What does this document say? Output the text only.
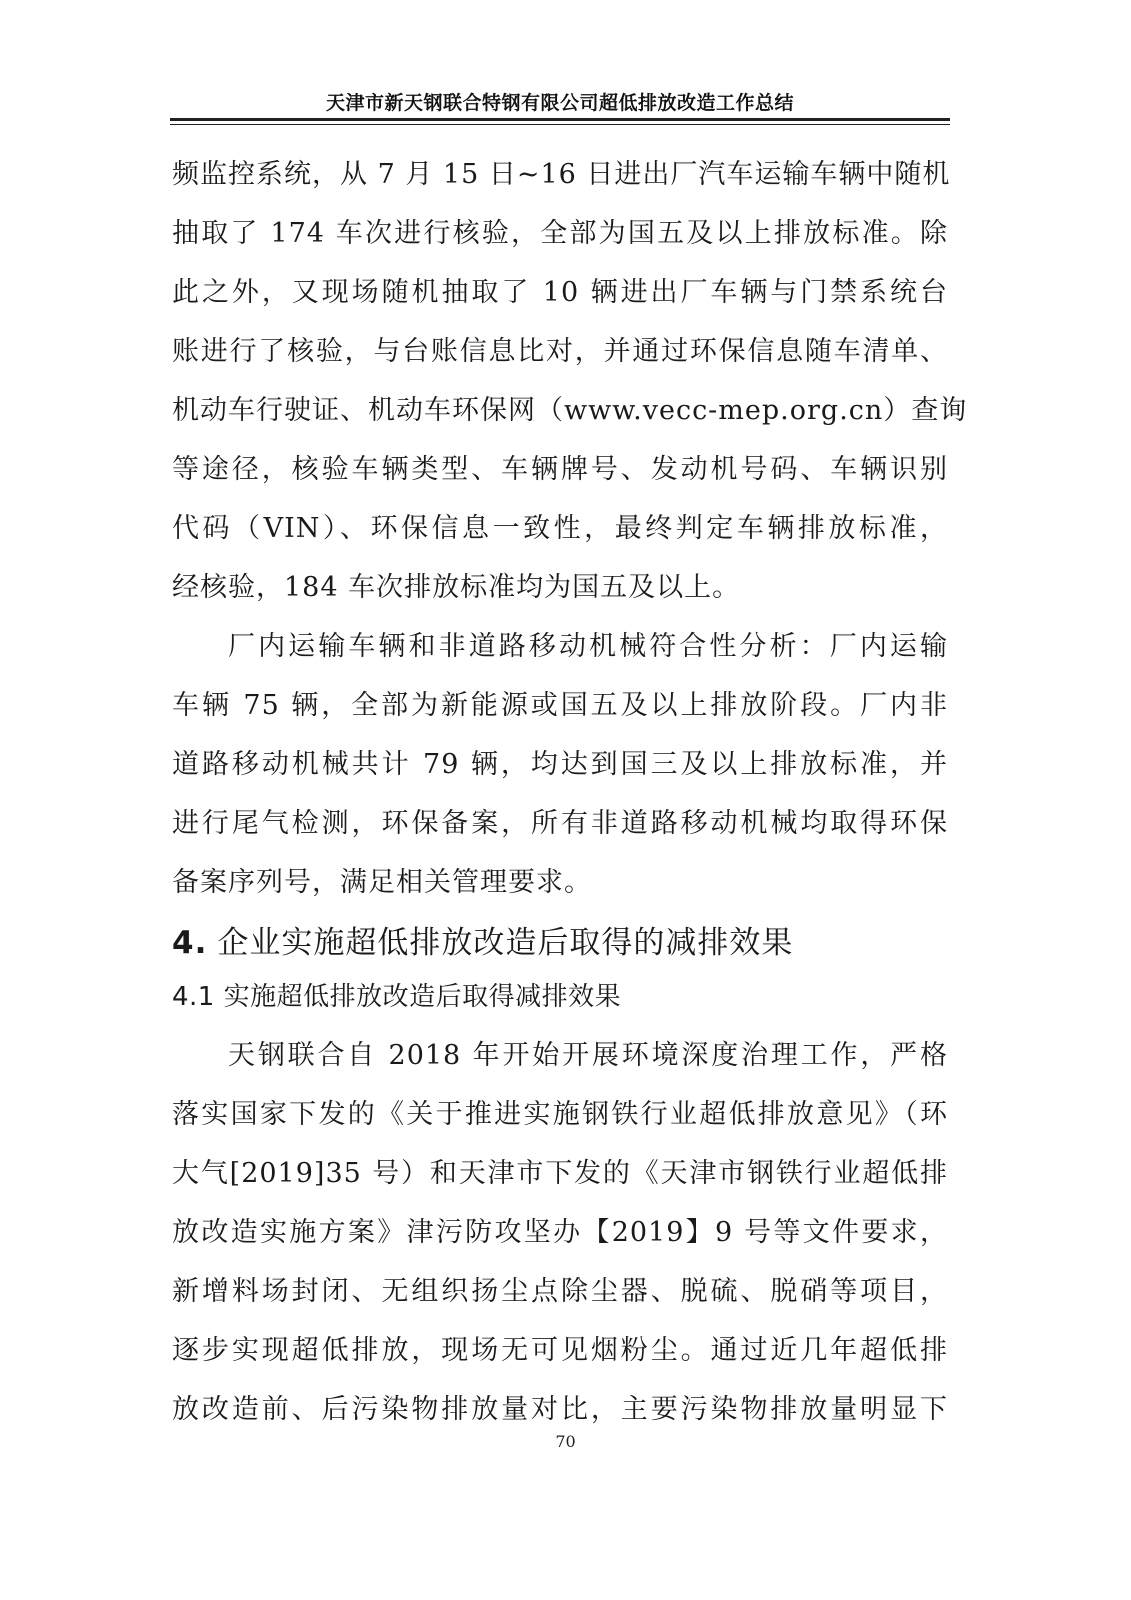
天津市新天钢联合特钢有限公司超低排放改造工作总结
频监控系统，从 7 月 15 日~16 日进出厂汽车运输车辆中随机
抽取了 174 车次进行核验，全部为国五及以上排放标准。除
此之外，又现场随机抽取了 10 辆进出厂车辆与门禁系统台
账进行了核验，与台账信息比对，并通过环保信息随车清单、
机动车行驶证、机动车环保网（www.vecc-mep.org.cn）查询
等途径，核验车辆类型、车辆牌号、发动机号码、车辆识别
代码（VIN）、环保信息一致性，最终判定车辆排放标准，
经核验，184 车次排放标准均为国五及以上。
厂内运输车辆和非道路移动机械符合性分析：厂内运输
车辆 75 辆，全部为新能源或国五及以上排放阶段。厂内非
道路移动机械共计 79 辆，均达到国三及以上排放标准，并
进行尾气检测，环保备案，所有非道路移动机械均取得环保
备案序列号，满足相关管理要求。
4. 企业实施超低排放改造后取得的减排效果
4.1 实施超低排放改造后取得减排效果
天钢联合自 2018 年开始开展环境深度治理工作，严格
落实国家下发的《关于推进实施钢铁行业超低排放意见》（环
大气[2019]35 号）和天津市下发的《天津市钢铁行业超低排
放改造实施方案》津污防攻坚办【2019】9 号等文件要求，
新增料场封闭、无组织扬尘点除尘器、脱硫、脱硝等项目，
逐步实现超低排放，现场无可见烟粉尘。通过近几年超低排
放改造前、后污染物排放量对比，主要污染物排放量明显下
70
